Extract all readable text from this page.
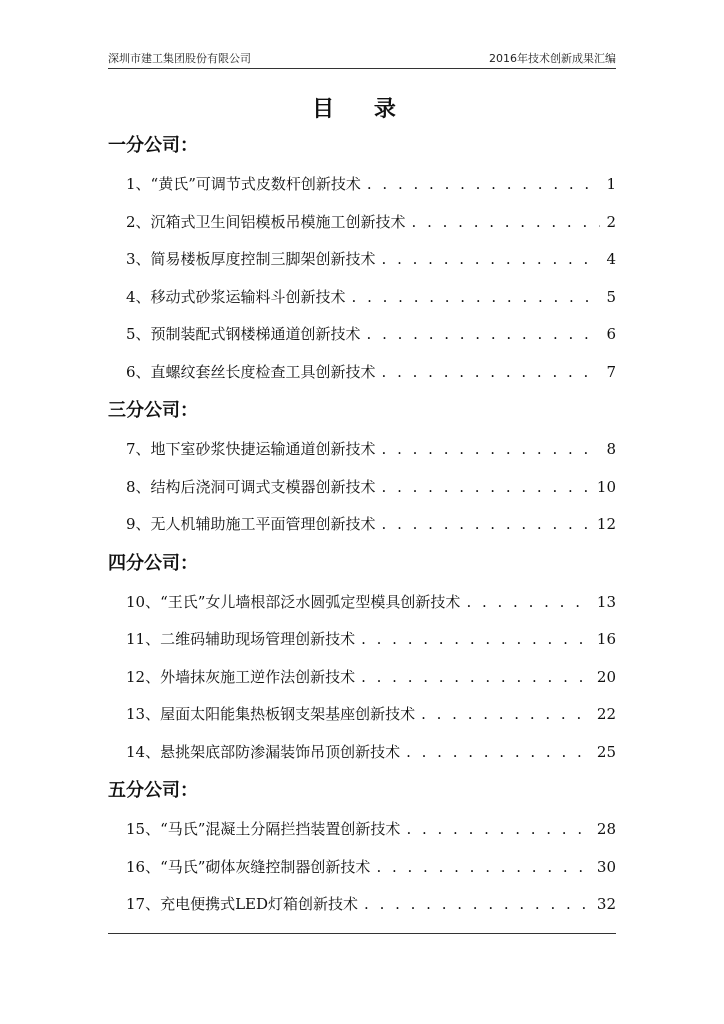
深圳市建工集团股份有限公司	2016年技术创新成果汇编
目 录
一分公司：
1、“黄氏”可调节式皮数杆创新技术 . . .	1
2、沉箱式卫生间铝模板吊模施工创新技术 . . .	2
3、简易楼板厚度控制三脚架创新技术 . . .	4
4、移动式砂浆运输料斗创新技术 . . .	5
5、预制装配式钢楼梯通道创新技术 . . .	6
6、直螺纹套丝长度检查工具创新技术 . . .	7
三分公司：
7、地下室砂浆快捷运输通道创新技术 . . .	8
8、结构后浇洞可调式支模器创新技术 . . .	10
9、无人机辅助施工平面管理创新技术 . . .	12
四分公司：
10、“王氏”女儿墙根部泛水圆弧定型模具创新技术 . . .	13
11、二维码辅助现场管理创新技术 . . .	16
12、外墙抹灰施工逆作法创新技术 . . .	20
13、屋面太阳能集热板钢支架基座创新技术 . . .	22
14、悬挑架底部防渗漏装饰吊顶创新技术 . . .	25
五分公司：
15、“马氏”混凝土分隔拦挡装置创新技术 . . .	28
16、“马氏”砌体灰缝控制器创新技术 . . .	30
17、充电便携式LED灯箱创新技术 . . .	32
